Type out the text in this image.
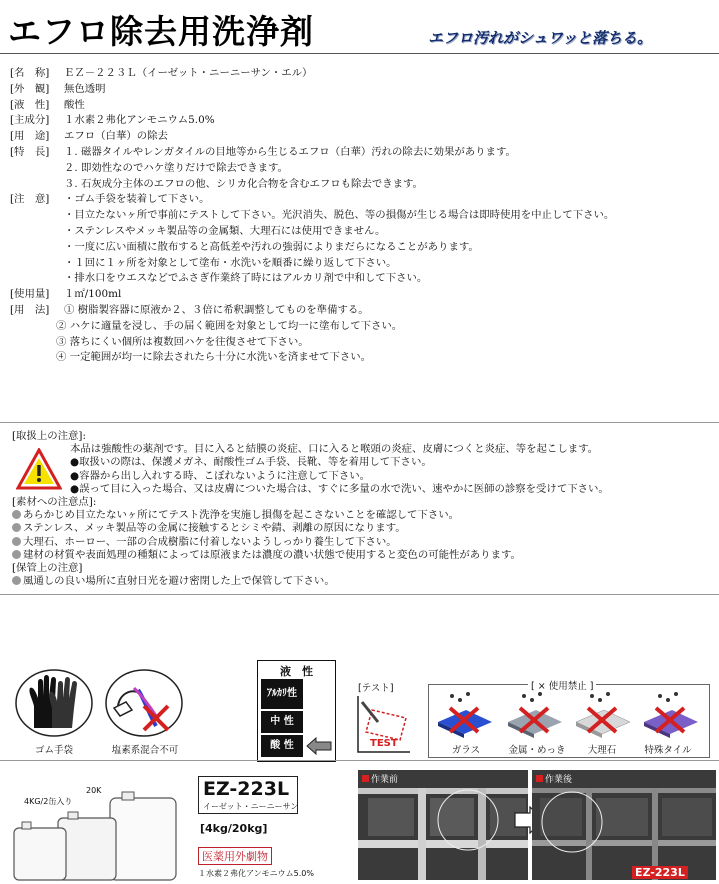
エフロ除去用洗浄剤	エフロ汚れがシュワッと落ちる。
[名　称]	ＥＺ－２２３Ｌ（イーゼット・ニーニーサン・エル）
[外　観]	無色透明
[液　性]	酸性
[主成分]	１水素２弗化アンモニウム5.0%
[用　途]	エフロ（白華）の除去
[特　長]	１. 磁器タイルやレンガタイルの目地等から生じるエフロ（白華）汚れの除去に効果があります。
２. 即効性なのでハケ塗りだけで除去できます。
３. 石灰成分主体のエフロの他、シリカ化合物を含むエフロも除去できます。
[注　意]	・ゴム手袋を装着して下さい。
・目立たないヶ所で事前にテストして下さい。光沢消失、脱色、等の損傷が生じる場合は即時使用を中止して下さい。
・ステンレスやメッキ製品等の金属類、大理石には使用できません。
・一度に広い面積に散布すると高低差や汚れの強弱によりまだらになることがあります。
・１回に１ヶ所を対象として塗布・水洗いを順番に繰り返して下さい。
・排水口をウエスなどでふさぎ作業終了時にはアルカリ剤で中和して下さい。
[使用量]	１㎡/100ml
[用　法]	① 樹脂製容器に原液か２、３倍に希釈調整してものを準備する。
② ハケに適量を浸し、手の届く範囲を対象として均一に塗布して下さい。
③ 落ちにくい個所は複数回ハケを往復させて下さい。
④ 一定範囲が均一に除去されたら十分に水洗いを済ませて下さい。
[取扱上の注意]:
本品は強酸性の薬剤です。目に入ると結膜の炎症、口に入ると喉頭の炎症、皮膚につくと炎症、等を起こします。
●取扱いの際は、保護メガネ、耐酸性ゴム手袋、長靴、等を着用して下さい。
●容器から出し入れする時、こぼれないように注意して下さい。
●誤って目に入った場合、又は皮膚についた場合は、すぐに多量の水で洗い、速やかに医師の診察を受けて下さい。
[素材への注意点]:
あらかじめ目立たないヶ所にてテスト洗浄を実施し損傷を起こさないことを確認して下さい。
ステンレス、メッキ製品等の金属に接触するとシミや錆、剥離の原因になります。
大理石、ホーロー、一部の合成樹脂に付着しないようしっかり養生して下さい。
建材の材質や表面処理の種類によっては原液または濃度の濃い状態で使用すると変色の可能性があります。
[保管上の注意]
風通しの良い場所に直射日光を避け密閉した上で保管して下さい。
ゴム手袋	塩素系混合不可
液　性
ｱﾙｶﾘ性
中 性
酸 性
[テスト]
TEST
[ × 使用禁止 ]
ガラス	金属・めっき	大理石	特殊タイル
4KG/2缶入り
20K	EZ-223L
イーゼット・ニーニーサン
[4kg/20kg]
医薬用外劇物
１水素２弗化アンモニウム5.0%
作業前	作業後
EZ-223L
